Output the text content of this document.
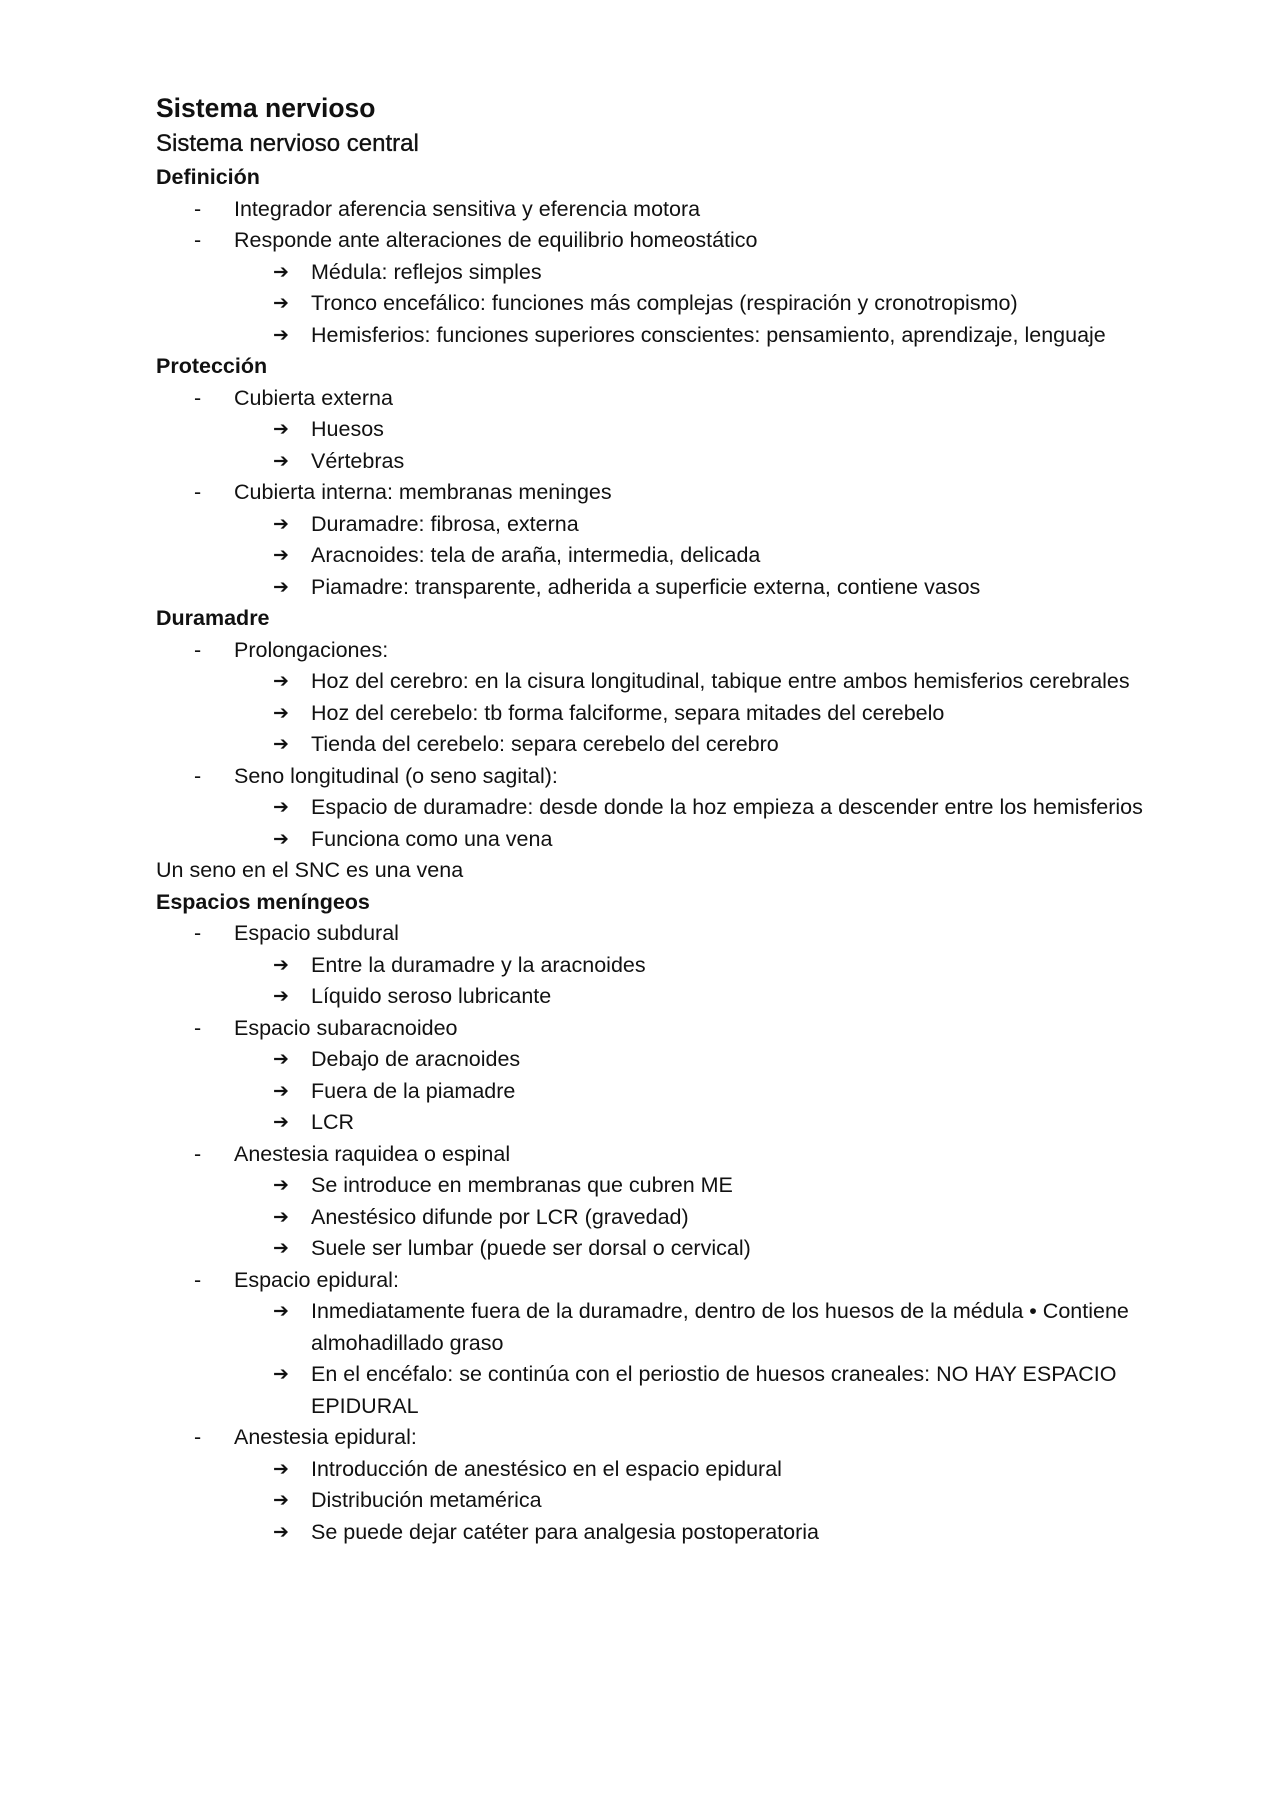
Sistema nervioso
Sistema nervioso central
Definición
- Integrador aferencia sensitiva y eferencia motora
- Responde ante alteraciones de equilibrio homeostático
➔ Médula: reflejos simples
➔ Tronco encefálico: funciones más complejas (respiración y cronotropismo)
➔ Hemisferios: funciones superiores conscientes: pensamiento, aprendizaje, lenguaje
Protección
- Cubierta externa
➔ Huesos
➔ Vértebras
- Cubierta interna: membranas meninges
➔ Duramadre: fibrosa, externa
➔ Aracnoides: tela de araña, intermedia, delicada
➔ Piamadre: transparente, adherida a superficie externa, contiene vasos
Duramadre
- Prolongaciones:
➔ Hoz del cerebro: en la cisura longitudinal, tabique entre ambos hemisferios cerebrales
➔ Hoz del cerebelo: tb forma falciforme, separa mitades del cerebelo
➔ Tienda del cerebelo: separa cerebelo del cerebro
- Seno longitudinal (o seno sagital):
➔ Espacio de duramadre: desde donde la hoz empieza a descender entre los hemisferios
➔ Funciona como una vena
Un seno en el SNC es una vena
Espacios meníngeos
- Espacio subdural
➔ Entre la duramadre y la aracnoides
➔ Líquido seroso lubricante
- Espacio subaracnoideo
➔ Debajo de aracnoides
➔ Fuera de la piamadre
➔ LCR
- Anestesia raquidea o espinal
➔ Se introduce en membranas que cubren ME
➔ Anestésico difunde por LCR (gravedad)
➔ Suele ser lumbar (puede ser dorsal o cervical)
- Espacio epidural:
➔ Inmediatamente fuera de la duramadre, dentro de los huesos de la médula • Contiene almohadillado graso
➔ En el encéfalo: se continúa con el periostio de huesos craneales: NO HAY ESPACIO EPIDURAL
- Anestesia epidural:
➔ Introducción de anestésico en el espacio epidural
➔ Distribución metamérica
➔ Se puede dejar catéter para analgesia postoperatoria
